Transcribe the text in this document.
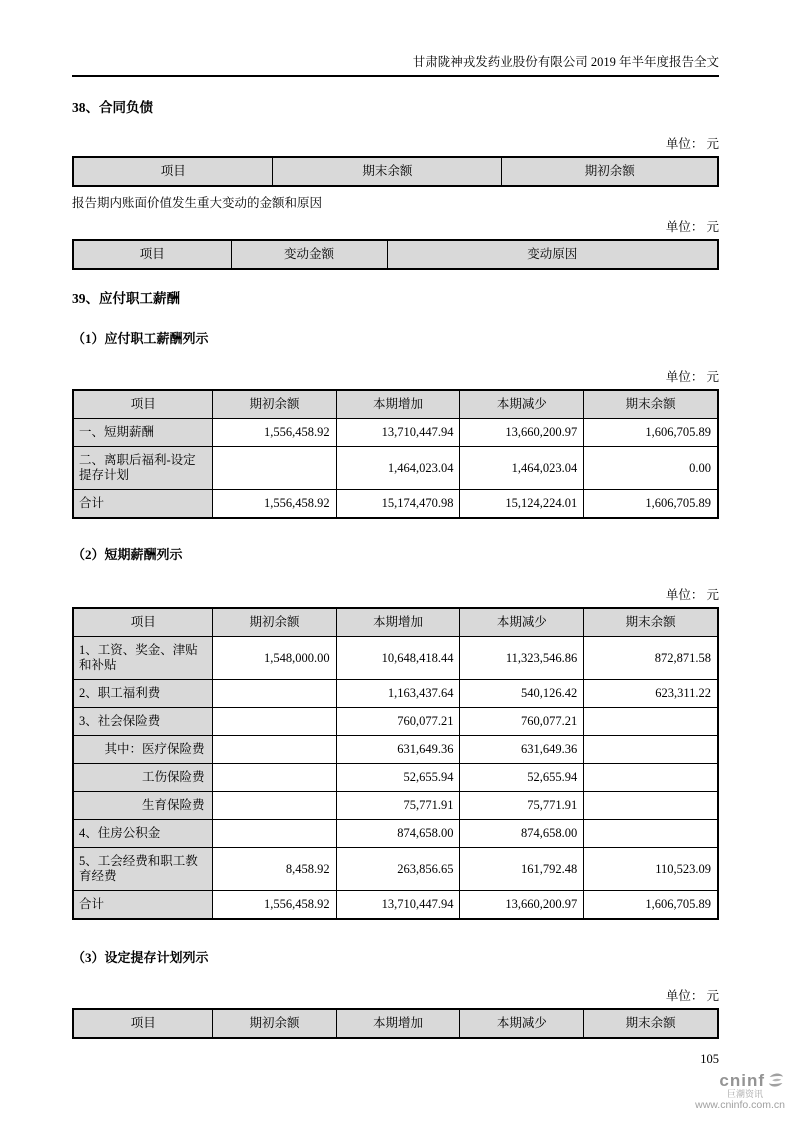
甘肃陇神戎发药业股份有限公司 2019 年半年度报告全文
38、合同负债
单位： 元
项目	期末余额	期初余额
报告期内账面价值发生重大变动的金额和原因
单位： 元
项目	变动金额	变动原因
39、应付职工薪酬
（1）应付职工薪酬列示
单位： 元
项目	期初余额	本期增加	本期减少	期末余额
一、短期薪酬	1,556,458.92	13,710,447.94	13,660,200.97	1,606,705.89
二、离职后福利-设定提存计划		1,464,023.04	1,464,023.04	0.00
合计	1,556,458.92	15,174,470.98	15,124,224.01	1,606,705.89
（2）短期薪酬列示
单位： 元
项目	期初余额	本期增加	本期减少	期末余额
1、工资、奖金、津贴和补贴	1,548,000.00	10,648,418.44	11,323,546.86	872,871.58
2、职工福利费		1,163,437.64	540,126.42	623,311.22
3、社会保险费		760,077.21	760,077.21	
其中：医疗保险费		631,649.36	631,649.36	
工伤保险费		52,655.94	52,655.94	
生育保险费		75,771.91	75,771.91	
4、住房公积金		874,658.00	874,658.00	
5、工会经费和职工教育经费	8,458.92	263,856.65	161,792.48	110,523.09
合计	1,556,458.92	13,710,447.94	13,660,200.97	1,606,705.89
（3）设定提存计划列示
单位： 元
项目	期初余额	本期增加	本期减少	期末余额
105
cninf
巨潮资讯
www.cninfo.com.cn
